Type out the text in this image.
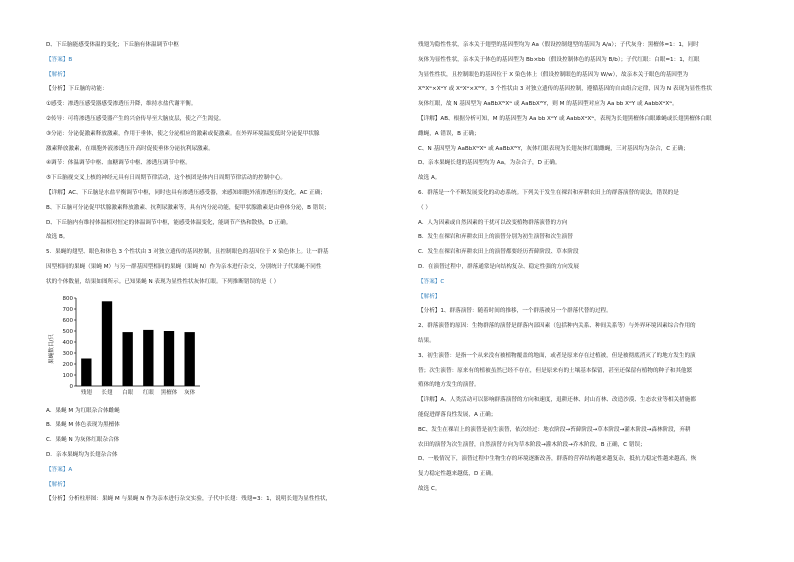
D、下丘脑能感受体温的变化；下丘脑有体温调节中枢
【答案】B
【解析】
【分析】下丘脑的功能：
①感受：渗透压感受器感受渗透压升降，维持水盐代谢平衡。
②传导：可将渗透压感受器产生的兴奋传导至大脑皮层，使之产生渴觉。
③分泌：分泌促激素释放激素，作用于垂体，使之分泌相应的激素或促激素。在外界环境温度低时分泌促甲状腺
激素释放激素，在细胞外液渗透压升高时促使垂体分泌抗利尿激素。
④调节：体温调节中枢、血糖调节中枢、渗透压调节中枢。
⑤下丘脑视交叉上核的神经元具有日周期节律活动，这个核团是体内日周期节律活动的控制中心。
【详解】AC、下丘脑是水盐平衡调节中枢，同时也具有渗透压感受器，来感知细胞外液渗透压的变化，AC 正确；
B、下丘脑可分泌促甲状腺激素释放激素、抗利尿激素等，具有内分泌功能，促甲状腺激素是由垂体分泌，B 错误；
D、下丘脑内有维持体温相对恒定的体温调节中枢，能感受体温变化，能调节产热和散热，D 正确。
故选 B。
5．果蝇的翅型、眼色和体色 3 个性状由 3 对独立遗传的基因控制，且控制眼色的基因位于 X 染色体上。让一群基
因型相同的果蝇（果蝇 M）与另一群基因型相同的果蝇（果蝇 N）作为亲本进行杂交，分别统计子代果蝇不同性
状的个体数量，结果如图所示。已知果蝇 N 表现为显性性状灰体红眼。下列推断错误的是（ ）
果蝇数目/只
0
100
200
300
400
500
600
700
800
残翅 长翅 白眼 红眼 黑檀体 灰体
A．果蝇 M 为红眼杂合体雌蝇
B．果蝇 M 体色表现为黑檀体
C．果蝇 N 为灰体红眼杂合体
D．亲本果蝇均为长翅杂合体
【答案】A
【解析】
【分析】分析柱形图：果蝇 M 与果蝇 N 作为亲本进行杂交实验，子代中长翅：残翅=3：1，说明长翅为显性性状，
残翅为隐性性状，亲本关于翅型的基因型均为 Aa（假设控制翅型的基因为 A/a）；子代灰身：黑檀体=1：1，同时
灰体为显性性状，亲本关于体色的基因型为 Bb×bb（假设控制体色的基因为 B/b）；子代红眼：白眼=1：1，红眼
为显性性状，且控制眼色的基因位于 X 染色体上（假设控制眼色的基因为 W/w），故亲本关于眼色的基因型为
XᵂXʷ×XʷY 或 XʷXʷ×XᵂY。3 个性状由 3 对独立遗传的基因控制，遵循基因的自由组合定律，因为 N 表现为显性性状
灰体红眼，故 N 基因型为 AaBbXᵂXʷ 或 AaBbXᵂY，则 M 的基因型对应为 Aa bb XʷY 或 AabbXʷXʷ。
【详解】AB、根据分析可知，M 的基因型为 Aa bb XʷY 或 AabbXʷXʷ，表现为长翅黑檀体白眼雄蝇或长翅黑檀体白眼
雌蝇，A 错误，B 正确；
C、N 基因型为 AaBbXᵂXʷ 或 AaBbXᵂY，灰体红眼表现为长翅灰体红眼雌蝇，三对基因均为杂合，C 正确；
D、亲本果蝇长翅的基因型均为 Aa，为杂合子，D 正确。
故选 A。
6．群落是一个不断发展变化的动态系统。下列关于发生在裸岩和弃耕农田上的群落演替的说法，错误的是
（ ）
A．人为因素或自然因素的干扰可以改变植物群落演替的方向
B．发生在裸岩和弃耕农田上的演替分别为初生演替和次生演替
C．发生在裸岩和弃耕农田上的演替都要经历苔藓阶段、草本阶段
D．在演替过程中，群落通常是向结构复杂、稳定性强的方向发展
【答案】C
【解析】
【分析】1、群落演替：随着时间的推移，一个群落被另一个群落代替的过程。
2、群落演替的原因：生物群落的演替是群落内部因素（包括种内关系、种间关系等）与外界环境因素综合作用的
结果。
3、初生演替：是指一个从来没有被植物覆盖的地面，或者是原来存在过植被，但是被彻底消灭了的地方发生的演
替；次生演替：原来有的植被虽然已经不存在，但是原来有的土壤基本保留，甚至还保留有植物的种子和其他繁
殖体的地方发生的演替。
【详解】A、人类活动可以影响群落演替的方向和速度，退耕还林、封山育林、改造沙漠、生态农业等相关措施都
能促进群落良性发展，A 正确；
BC、发生在裸岩上的演替是初生演替，依次经过：地衣阶段→苔藓阶段→草本阶段→灌木阶段→森林阶段，弃耕
农田的演替为次生演替，自然演替方向为草本阶段→灌木阶段→乔木阶段，B 正确，C 错误；
D、一般情况下，演替过程中生物生存的环境逐渐改善，群落的营养结构越来越复杂，抵抗力稳定性越来越高，恢
复力稳定性越来越低，D 正确。
故选 C。
